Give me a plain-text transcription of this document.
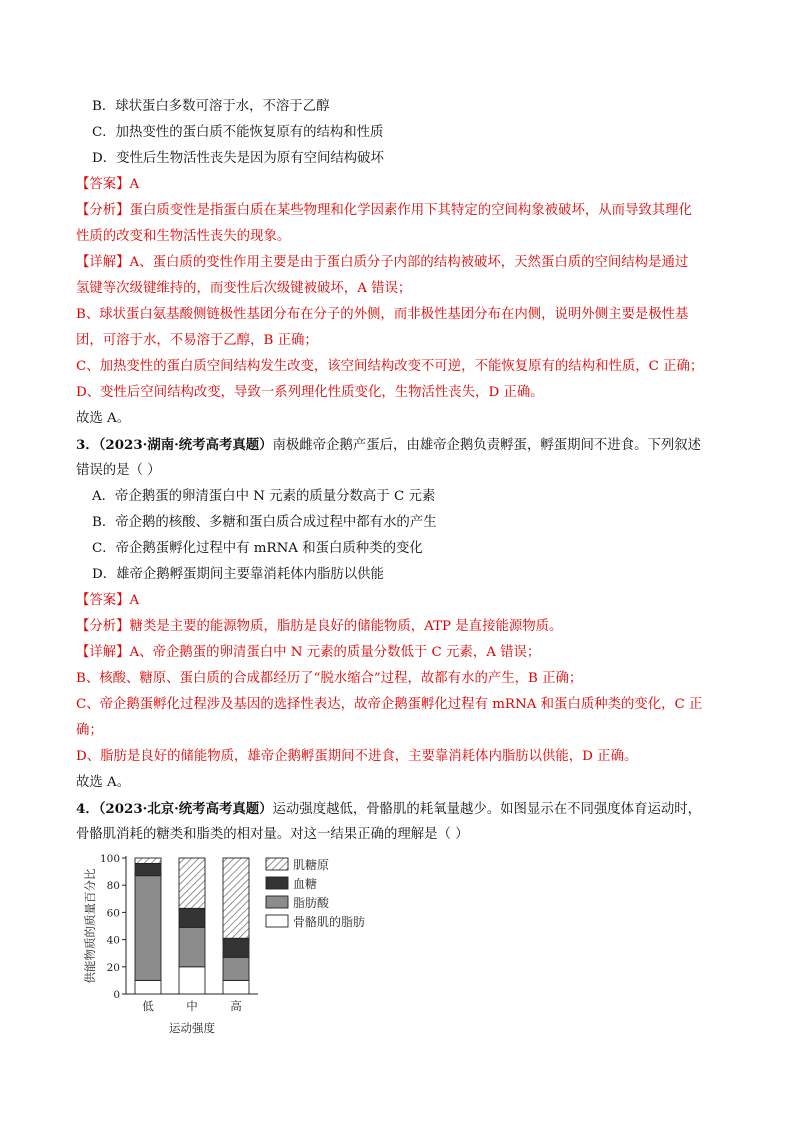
B．球状蛋白多数可溶于水，不溶于乙醇
C．加热变性的蛋白质不能恢复原有的结构和性质
D．变性后生物活性丧失是因为原有空间结构破坏
【答案】A
【分析】蛋白质变性是指蛋白质在某些物理和化学因素作用下其特定的空间构象被破坏，从而导致其理化
性质的改变和生物活性丧失的现象。
【详解】A、蛋白质的变性作用主要是由于蛋白质分子内部的结构被破坏，天然蛋白质的空间结构是通过
氢键等次级键维持的，而变性后次级键被破坏，A 错误；
B、球状蛋白氨基酸侧链极性基团分布在分子的外侧，而非极性基团分布在内侧，说明外侧主要是极性基
团，可溶于水，不易溶于乙醇，B 正确；
C、加热变性的蛋白质空间结构发生改变，该空间结构改变不可逆，不能恢复原有的结构和性质，C 正确；
D、变性后空间结构改变，导致一系列理化性质变化，生物活性丧失，D 正确。
故选 A。
3．（2023·湖南·统考高考真题）南极雌帝企鹅产蛋后，由雄帝企鹅负责孵蛋，孵蛋期间不进食。下列叙述
错误的是（ ）
A．帝企鹅蛋的卵清蛋白中 N 元素的质量分数高于 C 元素
B．帝企鹅的核酸、多糖和蛋白质合成过程中都有水的产生
C．帝企鹅蛋孵化过程中有 mRNA 和蛋白质种类的变化
D．雄帝企鹅孵蛋期间主要靠消耗体内脂肪以供能
【答案】A
【分析】糖类是主要的能源物质，脂肪是良好的储能物质，ATP 是直接能源物质。
【详解】A、帝企鹅蛋的卵清蛋白中 N 元素的质量分数低于 C 元素，A 错误；
B、核酸、糖原、蛋白质的合成都经历了“脱水缩合”过程，故都有水的产生，B 正确；
C、帝企鹅蛋孵化过程涉及基因的选择性表达，故帝企鹅蛋孵化过程有 mRNA 和蛋白质种类的变化，C 正
确；
D、脂肪是良好的储能物质，雄帝企鹅孵蛋期间不进食，主要靠消耗体内脂肪以供能，D 正确。
故选 A。
4．（2023·北京·统考高考真题）运动强度越低，骨骼肌的耗氧量越少。如图显示在不同强度体育运动时，
骨骼肌消耗的糖类和脂类的相对量。对这一结果正确的理解是（ ）
0
20
40
60
80
100
低	中	高
肌糖原
血糖
脂肪酸
骨骼肌的脂肪
供能物质的质量百分比
运动强度
